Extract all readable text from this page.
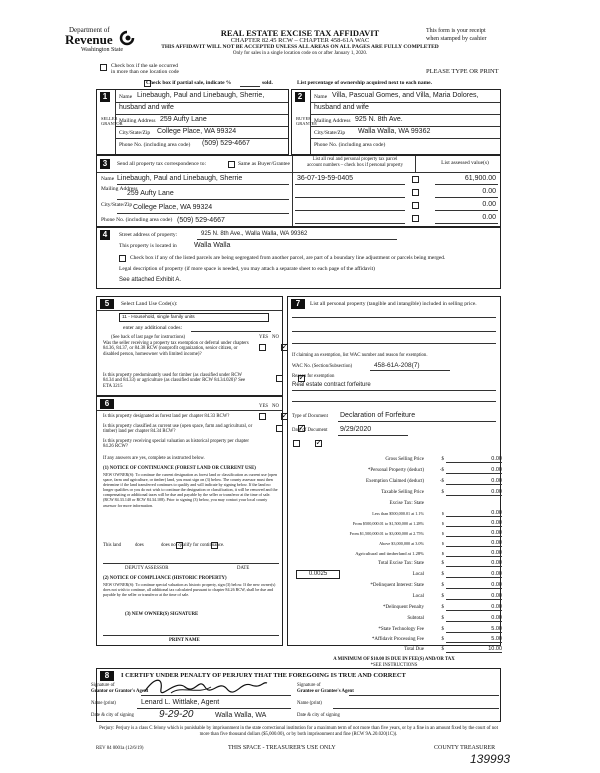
Department of
Revenue
Washington State
REAL ESTATE EXCISE TAX AFFIDAVIT
CHAPTER 82.45 RCW – CHAPTER 458-61A WAC
THIS AFFIDAVIT WILL NOT BE ACCEPTED UNLESS ALL AREAS ON ALL PAGES ARE FULLY COMPLETED
Only for sales in a single location code on or after January 1, 2020.
This form is your receipt
when stamped by cashier

Check box if the sale occurred
in more than one location code	PLEASE TYPE OR PRINT
Check box if partial sale, indicate %	sold.	List percentage of ownership acquired next to each name.
1
SELLER GRANTOR
Name Linebaugh, Paul and Linebaugh, Sherrie,
husband and wife
Mailing Address 259 Aufty Lane
City/State/Zip College Place, WA 99324
Phone No. (including area code) (509) 529-4667
2
BUYER GRANTEE
Name Villa, Pascual Gomes, and Villa, Maria Dolores,
husband and wife
Mailing Address 925 N. 8th Ave.
City/State/Zip Walla Walla, WA 99362
Phone No. (including area code)
3	Send all property tax correspondence to:	Same as Buyer/Grantee
List all real and personal property tax parcel
account numbers – check box if personal property	List assessed value(s)
Name Linebaugh, Paul and Linebaugh, Sherrie
Mailing Address
259 Aufty Lane
City/State/Zip College Place, WA 99324
Phone No. (including area code) (509) 529-4667
36-07-19-59-0405	61,900.00
0.00
0.00
0.00
4	Street address of property:	925 N. 8th Ave., Walla Walla, WA 99362
This property is located in Walla Walla
Check box if any of the listed parcels are being segregated from another parcel, are part of a boundary line adjustment or parcels being merged.
Legal description of property (if more space is needed, you may attach a separate sheet to each page of the affidavit)
See attached Exhibit A.
5	Select Land Use Code(s):
11 - Household, single family units
enter any additional codes:
(See back of last page for instructions)	YES NO
Was the seller receiving a property tax exemption or deferral under chapters 84.36, 84.37, or 84.38 RCW (nonprofit organization, senior citizen, or disabled person, homeowner with limited income)?
✓
Is this property predominantly used for timber (as classified under RCW 84.34 and 84.33) or agriculture (as classified under RCW 84.34.020)? See ETA 3215
✓
6	YES NO
Is this property designated as forest land per chapter 84.33 RCW?
✓
Is this property classified as current use (open space, farm and agricultural, or timber) land per chapter 84.34 RCW?
✓
Is this property receiving special valuation as historical property per chapter 84.26 RCW?
✓
If any answers are yes, complete as instructed below.
(1) NOTICE OF CONTINUANCE (FOREST LAND OR CURRENT USE)
NEW OWNER(S): To continue the current designation as forest land or classification as current use (open space, farm and agriculture, or timber) land, you must sign on (3) below. The county assessor must then determine if the land transferred continues to qualify and will indicate by signing below. If the land no longer qualifies or you do not wish to continue the designation or classification, it will be removed and the compensating or additional taxes will be due and payable by the seller or transferor at the time of sale. (RCW 84.33.140 or RCW 84.34.108). Prior to signing (3) below, you may contact your local county assessor for more information.
This land
	does	does not qualify for continuance.
DEPUTY ASSESSOR	DATE
(2) NOTICE OF COMPLIANCE (HISTORIC PROPERTY)
NEW OWNER(S): To continue special valuation as historic property, sign (3) below. If the new owner(s) does not wish to continue, all additional tax calculated pursuant to chapter 84.26 RCW, shall be due and payable by the seller or transferor at the time of sale.
(3) NEW OWNER(S) SIGNATURE
PRINT NAME
7	List all personal property (tangible and intangible) included in selling price.
If claiming an exemption, list WAC number and reason for exemption.
WAC No. (Section/Subsection)	458-61A-208(7)
Reason for exemption
Real estate contract forfeiture
Type of Document Declaration of Forfeiture
Date of Document 9/29/2020
Gross Selling Price	$	0.00
*Personal Property (deduct)	-$	0.00
Exemption Claimed (deduct)	-$	0.00
Taxable Selling Price	$	0.00
Excise Tax: State
Less than $500,000.01 at 1.1%	$	0.00
From $500,000.01 to $1,500,000 at 1.28%	$	0.00
From $1,500,000.01 to $3,000,000 at 2.75%	$	0.00
Above $3,000,000 at 3.0%	$	0.00
Agricultural and timberland at 1.28%	$	0.00
Total Excise Tax: State	$	0.00
0.0025	Local	$	0.00
*Delinquent Interest: State	$	0.00
Local	$	0.00
*Delinquent Penalty	$	0.00
Subtotal	$	0.00
*State Technology Fee	$	5.00
*Affidavit Processing Fee	$	5.00
Total Due	$	10.00
A MINIMUM OF $10.00 IS DUE IN FEE(S) AND/OR TAX
*SEE INSTRUCTIONS
8	I CERTIFY UNDER PENALTY OF PERJURY THAT THE FOREGOING IS TRUE AND CORRECT
Signature of
Grantor or Grantor's Agent
Signature of
Grantee or Grantee's Agent
Name (print)	Lenard L. Wittlake, Agent	Name (print)
Date & city of signing	9-29-20	Walla Walla, WA	Date & city of signing
Perjury: Perjury is a class C felony which is punishable by imprisonment in the state correctional institution for a maximum term of not more than five years, or by a fine in an amount fixed by the court of not more than five thousand dollars ($5,000.00), or by both imprisonment and fine (RCW 9A.20.020(1C)).
REV 84 0001a (12/6/19)	THIS SPACE - TREASURER'S USE ONLY	COUNTY TREASURER
139993
